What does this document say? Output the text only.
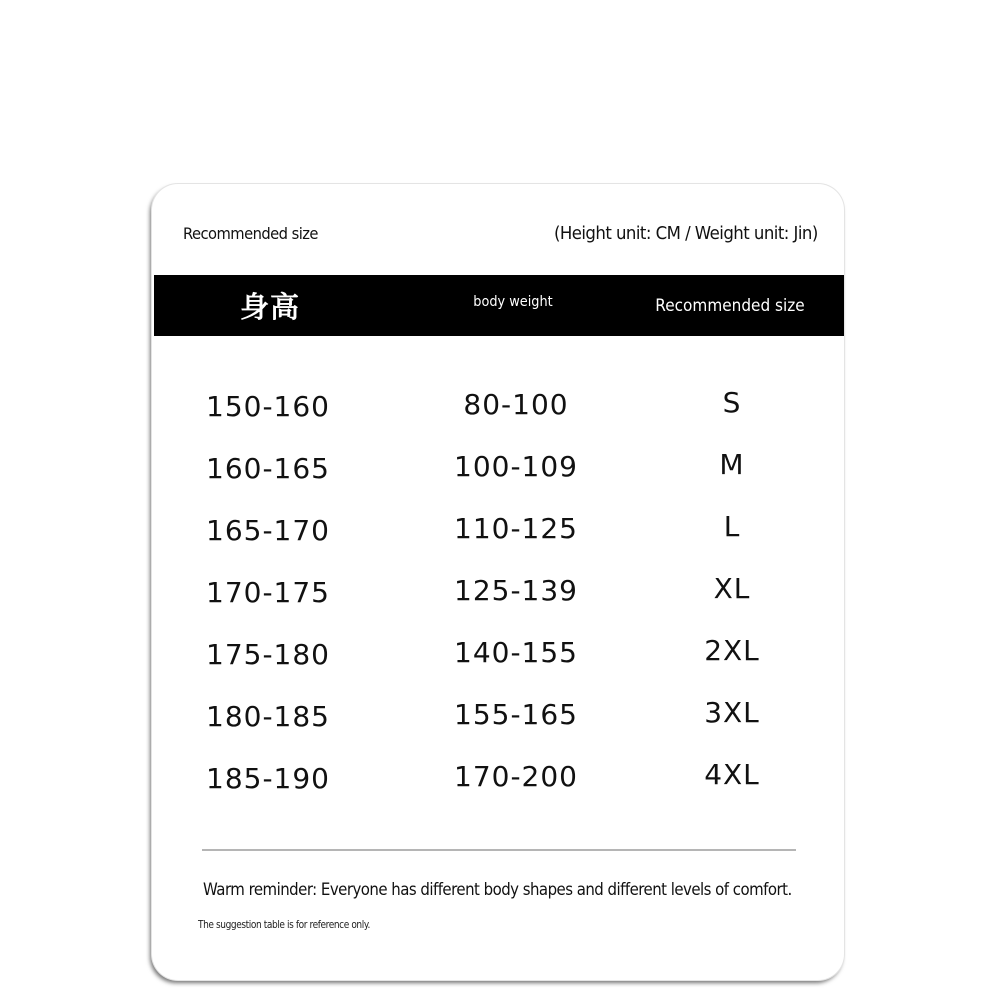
Recommended size	(Height unit: CM / Weight unit: Jin)
身高	body weight	Recommended size
150-160	80-100	S
160-165	100-109	M
165-170	110-125	L
170-175	125-139	XL
175-180	140-155	2XL
180-185	155-165	3XL
185-190	170-200	4XL
Warm reminder: Everyone has different body shapes and different levels of comfort.
The suggestion table is for reference only.
